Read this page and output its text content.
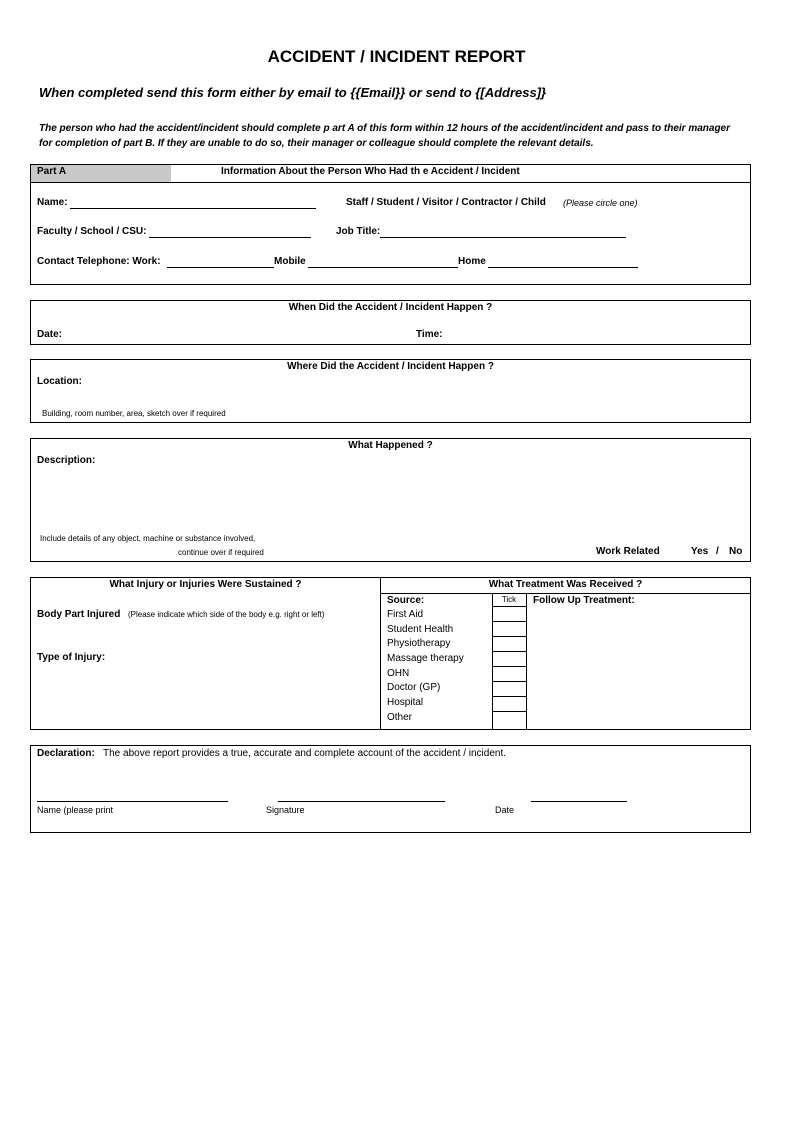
ACCIDENT / INCIDENT REPORT
When completed send this form either by email to {{Email}} or send to {[Address]}
The person who had the accident/incident should complete p art A of this form within 12 hours of the accident/incident and pass to their manager for completion of part B. If they are unable to do so, their manager or colleague should complete the relevant details.
Part A	Information About the Person Who Had th e Accident / Incident
Name:	Staff / Student / Visitor / Contractor / Child (Please circle one)
Faculty / School / CSU:	Job Title:
Contact Telephone: Work:	Mobile	Home
When Did the Accident / Incident Happen ?
Date:	Time:
Where Did the Accident / Incident Happen ?
Location:
Building, room number, area, sketch over if required
What Happened ?
Description:
Include details of any object, machine or substance involved,
continue over if required	Work Related	Yes / No
What Injury or Injuries Were Sustained ?
Body Part Injured (Please indicate which side of the body e.g. right or left)
Type of Injury:
What Treatment Was Received ?
Source:	Tick	Follow Up Treatment:
First Aid
Student Health
Physiotherapy
Massage therapy
OHN
Doctor (GP)
Hospital
Other
Declaration: The above report provides a true, accurate and complete account of the accident / incident.
Name (please print	Signature	Date
